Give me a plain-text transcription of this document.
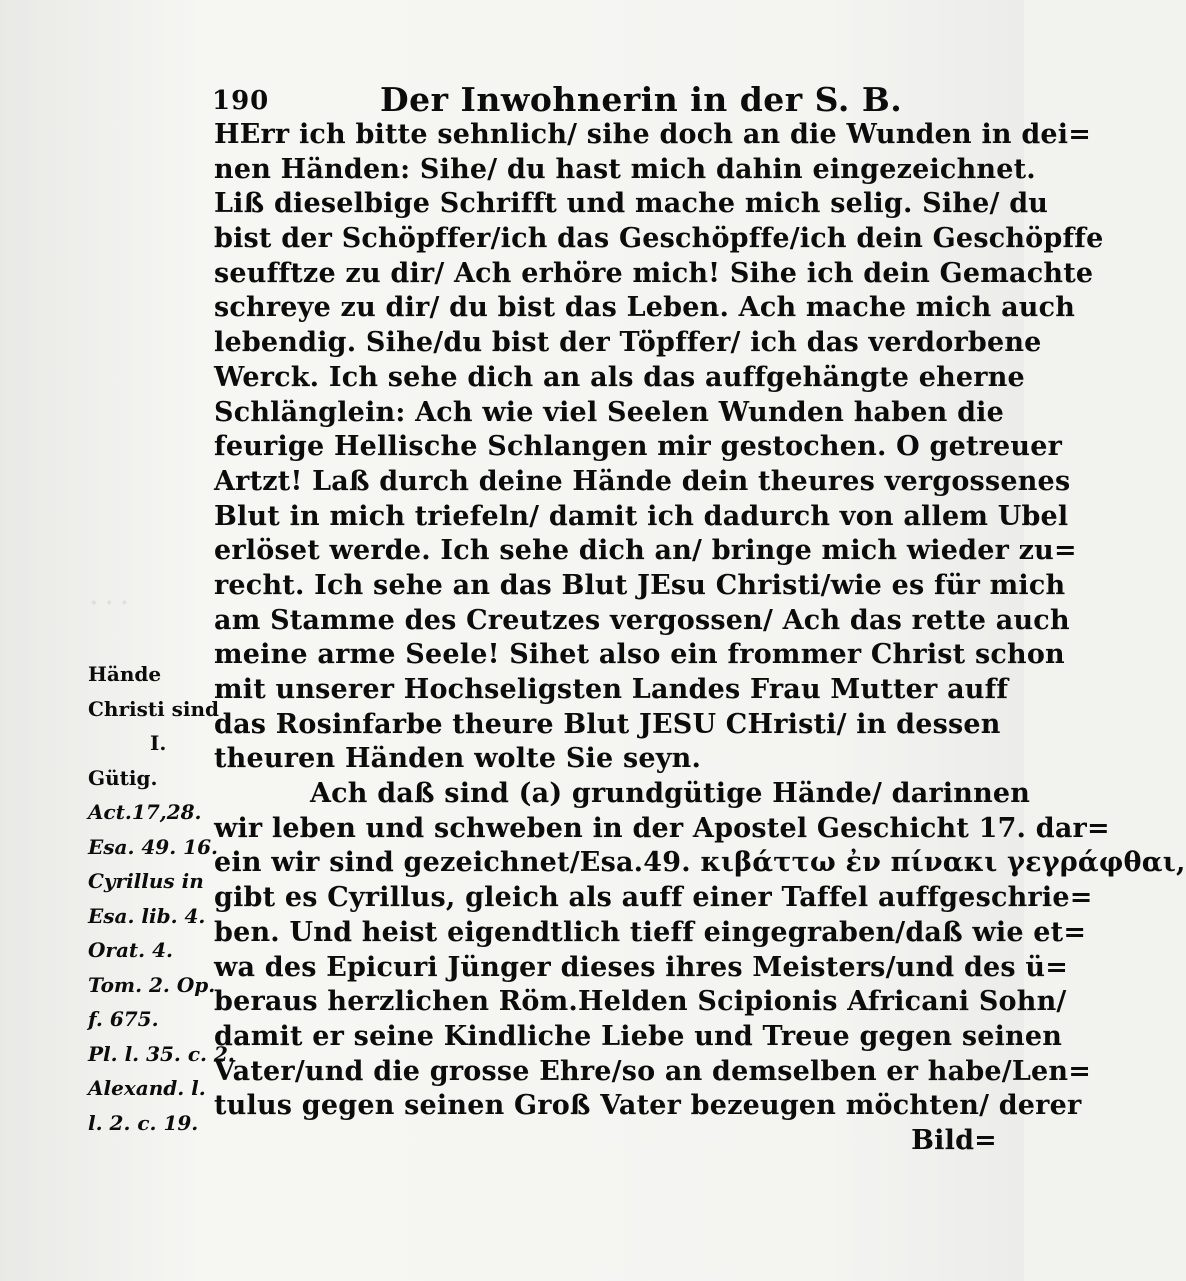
· · ·
190	Der Inwohnerin in der S. B.
HErr ich bitte sehnlich/ sihe doch an die Wunden in dei=
nen Händen: Sihe/ du hast mich dahin eingezeichnet.
Liß dieselbige Schrifft und mache mich selig. Sihe/ du
bist der Schöpffer/ich das Geschöpffe/ich dein Geschöpffe
seufftze zu dir/ Ach erhöre mich! Sihe ich dein Gemachte
schreye zu dir/ du bist das Leben. Ach mache mich auch
lebendig. Sihe/du bist der Töpffer/ ich das verdorbene
Werck. Ich sehe dich an als das auffgehängte eherne
Schlänglein: Ach wie viel Seelen Wunden haben die
feurige Hellische Schlangen mir gestochen. O getreuer
Artzt! Laß durch deine Hände dein theures vergossenes
Blut in mich triefeln/ damit ich dadurch von allem Ubel
erlöset werde. Ich sehe dich an/ bringe mich wieder zu=
recht. Ich sehe an das Blut JEsu Christi/wie es für mich
am Stamme des Creutzes vergossen/ Ach das rette auch
meine arme Seele! Sihet also ein frommer Christ schon
mit unserer Hochseligsten Landes Frau Mutter auff
das Rosinfarbe theure Blut JESU CHristi/ in dessen
theuren Händen wolte Sie seyn.
Ach daß sind (a) grundgütige Hände/ darinnen
wir leben und schweben in der Apostel Geschicht 17. dar=
ein wir sind gezeichnet/Esa.49. κιβάττω ἐν πίνακι γεγράφθαι,
gibt es Cyrillus, gleich als auff einer Taffel auffgeschrie=
ben. Und heist eigendtlich tieff eingegraben/daß wie et=
wa des Epicuri Jünger dieses ihres Meisters/und des ü=
beraus herzlichen Röm.Helden Scipionis Africani Sohn/
damit er seine Kindliche Liebe und Treue gegen seinen
Vater/und die grosse Ehre/so an demselben er habe/Len=
tulus gegen seinen Groß Vater bezeugen möchten/ derer
Bild=
Hände
Christi sind
I.
Gütig.
Act.17,28.
Esa. 49. 16.
Cyrillus in
Esa. lib. 4.
Orat. 4.
Tom. 2. Op.
f. 675.
Pl. l. 35. c. 2.
Alexand. l.
l. 2. c. 19.
